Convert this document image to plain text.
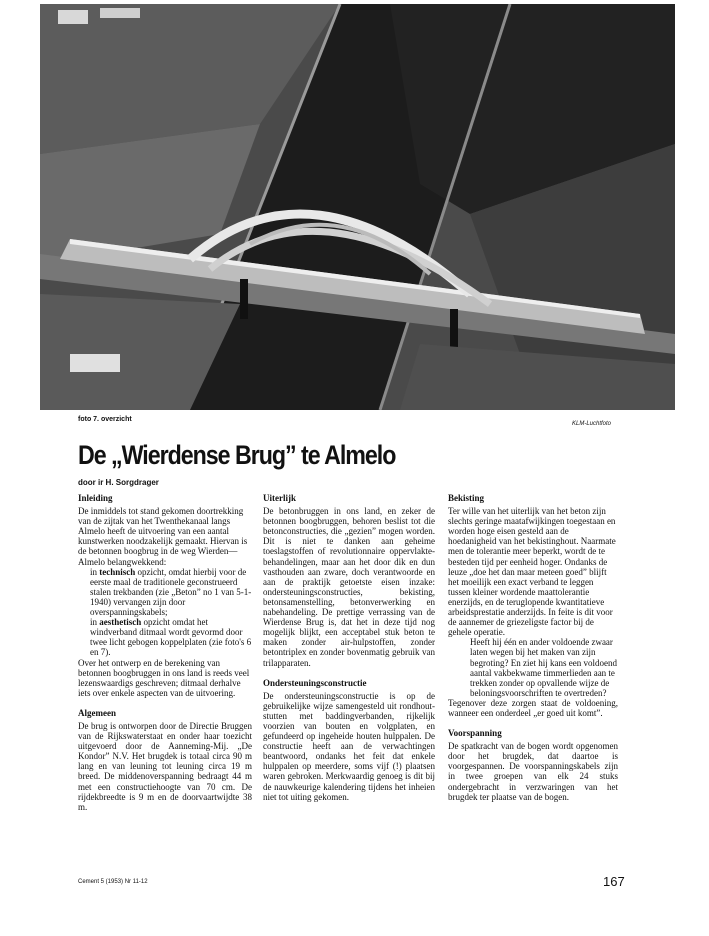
foto 7. overzicht
KLM-Luchtfoto
De „Wierdense Brug” te Almelo
door ir H. Sorgdrager
Inleiding

De inmiddels tot stand gekomen doortrekking van de zijtak van het Twenthekanaal langs Almelo heeft de uitvoering van een aantal kunstwerken noodzakelijk gemaakt. Hiervan is de betonnen boogbrug in de weg Wierden—Almelo belangwekkend:

in technisch opzicht, omdat hierbij voor de eerste maal de traditionele geconstrueerd stalen trekbanden (zie „Beton” no 1 van 5-1-1940) vervangen zijn door overspanningskabels;

in aesthetisch opzicht omdat het windverband ditmaal wordt gevormd door twee licht gebogen koppelplaten (zie foto's 6 en 7).

Over het ontwerp en de berekening van betonnen boogbruggen in ons land is reeds veel lezenswaardigs geschreven; ditmaal derhalve iets over enkele aspecten van de uitvoering.

Algemeen

De brug is ontworpen door de Directie Bruggen van de Rijkswaterstaat en onder haar toezicht uitgevoerd door de Aanneming-Mij. „De Kondor” N.V. Het brugdek is totaal circa 90 m lang en van leuning tot leuning circa 19 m breed. De middenoverspanning bedraagt 44 m met een constructiehoogte van 70 cm. De rijdekbreedte is 9 m en de doorvaartwijdte 38 m.

Uiterlijk

De betonbruggen in ons land, en zeker de betonnen boogbruggen, behoren beslist tot die betonconstructies, die „gezien” mogen worden. Dit is niet te danken aan geheime toeslagstoffen of revolutionnaire oppervlakte-behandelingen, maar aan het door dik en dun vasthouden aan zware, doch verantwoorde en aan de praktijk getoetste eisen inzake: ondersteuningsconstructies, bekisting, betonsamenstelling, betonverwerking en nabehandeling. De prettige verrassing van de Wierdense Brug is, dat het in deze tijd nog mogelijk blijkt, een acceptabel stuk beton te maken zonder air-hulpstoffen, zonder betontriplex en zonder bovenmatig gebruik van trilapparaten.

Ondersteuningsconstructie

De ondersteuningsconstructie is op de gebruikelijke wijze samengesteld uit rondhout-stutten met baddingverbanden, rijkelijk voorzien van bouten en volgplaten, en gefundeerd op ingeheide houten hulppalen. De constructie heeft aan de verwachtingen beantwoord, ondanks het feit dat enkele hulppalen op meerdere, soms vijf (!) plaatsen waren gebroken. Merkwaardig genoeg is dit bij de nauwkeurige kalendering tijdens het inheien niet tot uiting gekomen.

Bekisting

Ter wille van het uiterlijk van het beton zijn slechts geringe maatafwijkingen toegestaan en worden hoge eisen gesteld aan de hoedanigheid van het bekistinghout. Naarmate men de tolerantie meer beperkt, wordt de te besteden tijd per eenheid hoger. Ondanks de leuze „doe het dan maar meteen goed” blijft het moeilijk een exact verband te leggen tussen kleiner wordende maattolerantie enerzijds, en de teruglopende kwantitatieve arbeidsprestatie anderzijds. In feite is dit voor de aannemer de griezeligste factor bij de gehele operatie.

Heeft hij één en ander voldoende zwaar laten wegen bij het maken van zijn begroting? En ziet hij kans een voldoend aantal vakbekwame timmerlieden aan te trekken zonder op opvallende wijze de beloningsvoorschriften te overtreden?

Tegenover deze zorgen staat de voldoening, wanneer een onderdeel „er goed uit komt”.

Voorspanning

De spatkracht van de bogen wordt opgenomen door het brugdek, dat daartoe is voorgespannen. De voorspanningskabels zijn in twee groepen van elk 24 stuks ondergebracht in verzwaringen van het brugdek ter plaatse van de bogen.

Cement 5 (1953) Nr 11-12	167
